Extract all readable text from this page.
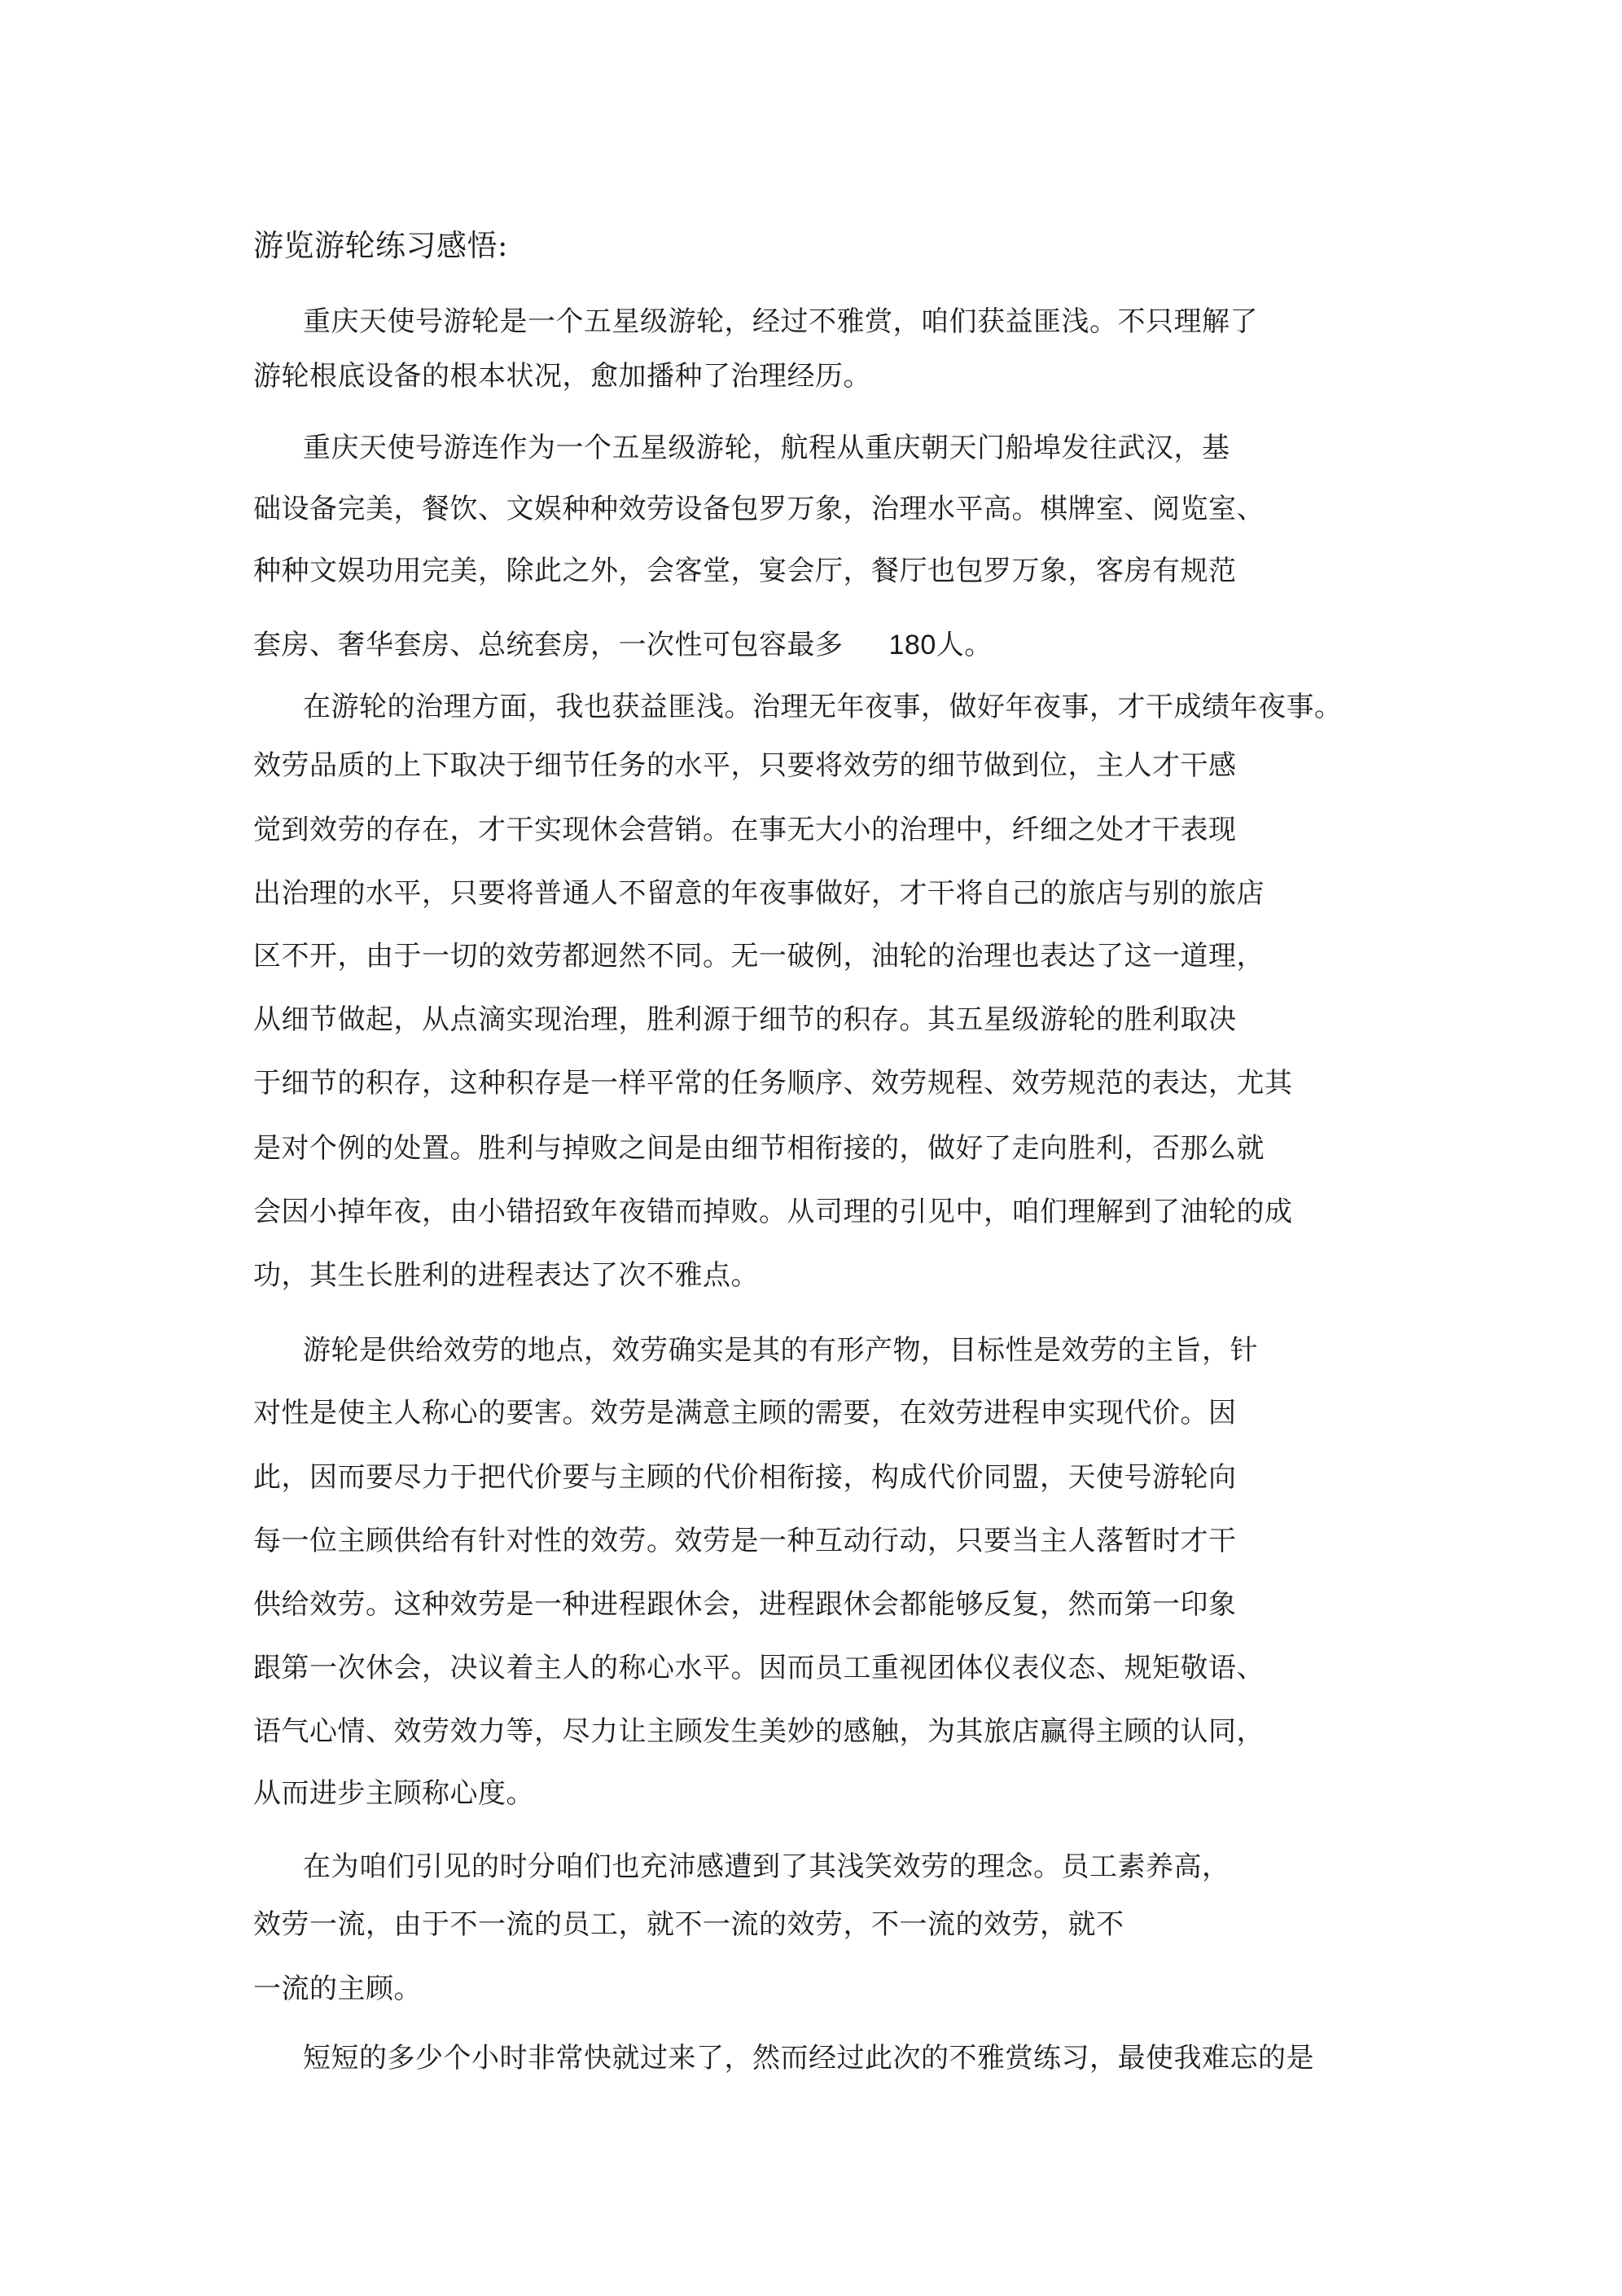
游览游轮练习感悟:
重庆天使号游轮是一个五星级游轮，经过不雅赏，咱们获益匪浅。不只理解了
游轮根底设备的根本状况，愈加播种了治理经历。
重庆天使号游连作为一个五星级游轮，航程从重庆朝天门船埠发往武汉，基
础设备完美，餐饮、文娱种种效劳设备包罗万象，治理水平高。棋牌室、阅览室、
种种文娱功用完美，除此之外，会客堂，宴会厅，餐厅也包罗万象，客房有规范
套房、奢华套房、总统套房，一次性可包容最多 180人。
在游轮的治理方面，我也获益匪浅。治理无年夜事，做好年夜事，才干成绩年夜事。
效劳品质的上下取决于细节任务的水平，只要将效劳的细节做到位，主人才干感
觉到效劳的存在，才干实现休会营销。在事无大小的治理中，纤细之处才干表现
出治理的水平，只要将普通人不留意的年夜事做好，才干将自己的旅店与别的旅店
区不开，由于一切的效劳都迥然不同。无一破例，油轮的治理也表达了这一道理，
从细节做起，从点滴实现治理，胜利源于细节的积存。其五星级游轮的胜利取决
于细节的积存，这种积存是一样平常的任务顺序、效劳规程、效劳规范的表达，尤其
是对个例的处置。胜利与掉败之间是由细节相衔接的，做好了走向胜利，否那么就
会因小掉年夜，由小错招致年夜错而掉败。从司理的引见中，咱们理解到了油轮的成
功，其生长胜利的进程表达了次不雅点。
游轮是供给效劳的地点，效劳确实是其的有形产物，目标性是效劳的主旨，针
对性是使主人称心的要害。效劳是满意主顾的需要，在效劳进程申实现代价。因
此，因而要尽力于把代价要与主顾的代价相衔接，构成代价同盟，天使号游轮向
每一位主顾供给有针对性的效劳。效劳是一种互动行动，只要当主人落暂时才干
供给效劳。这种效劳是一种进程跟休会，进程跟休会都能够反复，然而第一印象
跟第一次休会，决议着主人的称心水平。因而员工重视团体仪表仪态、规矩敬语、
语气心情、效劳效力等，尽力让主顾发生美妙的感触，为其旅店赢得主顾的认同，
从而进步主顾称心度。
在为咱们引见的时分咱们也充沛感遭到了其浅笑效劳的理念。员工素养高，
效劳一流，由于不一流的员工，就不一流的效劳，不一流的效劳，就不
一流的主顾。
短短的多少个小时非常快就过来了，然而经过此次的不雅赏练习，最使我难忘的是
